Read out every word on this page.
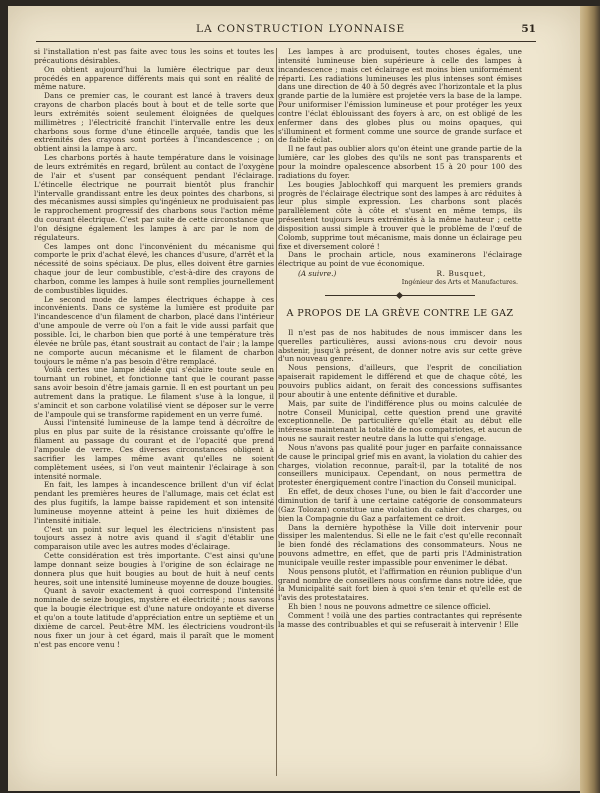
LA CONSTRUCTION LYONNAISE	51

si l'installation n'est pas faite avec tous les soins et toutes les précautions désirables.

On obtient aujourd'hui la lumière électrique par deux procédés en apparence différents mais qui sont en réalité de même nature.

Dans ce premier cas, le courant est lancé à travers deux crayons de charbon placés bout à bout et de telle sorte que leurs extrémités soient seulement éloignées de quelques millimètres ; l'électricité franchit l'intervalle entre les deux charbons sous forme d'une étincelle arquée, tandis que les extrémités des crayons sont portées à l'incandescence ; on obtient ainsi la lampe à arc.

Les charbons portés à haute température dans le voisinage de leurs extrémités en regard, brûlent au contact de l'oxygène de l'air et s'usent par conséquent pendant l'éclairage. L'étincelle électrique ne pourrait bientôt plus franchir l'intervalle grandissant entre les deux pointes des charbons, si des mécanismes aussi simples qu'ingénieux ne produisaient pas le rapprochement progressif des charbons sous l'action même du courant électrique. C'est par suite de cette circonstance que l'on désigne également les lampes à arc par le nom de régulateurs.

Ces lampes ont donc l'inconvénient du mécanisme qui comporte le prix d'achat élevé, les chances d'usure, d'arrêt et la nécessité de soins spéciaux. De plus, elles doivent être garnies chaque jour de leur combustible, c'est-à-dire des crayons de charbon, comme les lampes à huile sont remplies journellement de combustibles liquides.

Le second mode de lampes électriques échappe à ces inconvénients. Dans ce système la lumière est produite par l'incandescence d'un filament de charbon, placé dans l'intérieur d'une ampoule de verre où l'on a fait le vide aussi parfait que possible. Ici, le charbon bien que porté à une température très élevée ne brûle pas, étant soustrait au contact de l'air ; la lampe ne comporte aucun mécanisme et le filament de charbon toujours le même n'a pas besoin d'être remplacé.

Voilà certes une lampe idéale qui s'éclaire toute seule en tournant un robinet, et fonctionne tant que le courant passe sans avoir besoin d'être jamais garnie. Il en est pourtant un peu autrement dans la pratique. Le filament s'use à la longue, il s'amincit et son carbone volatilisé vient se déposer sur le verre de l'ampoule qui se transforme rapidement en un verre fumé.

Aussi l'intensité lumineuse de la lampe tend à décroître de plus en plus par suite de la résistance croissante qu'offre le filament au passage du courant et de l'opacité que prend l'ampoule de verre. Ces diverses circonstances obligent à sacrifier les lampes même avant qu'elles ne soient complètement usées, si l'on veut maintenir l'éclairage à son intensité normale.

En fait, les lampes à incandescence brillent d'un vif éclat pendant les premières heures de l'allumage, mais cet éclat est des plus fugitifs, la lampe baisse rapidement et son intensité lumineuse moyenne atteint à peine les huit dixièmes de l'intensité initiale.

C'est un point sur lequel les électriciens n'insistent pas toujours assez à notre avis quand il s'agit d'établir une comparaison utile avec les autres modes d'éclairage.

Cette considération est très importante. C'est ainsi qu'une lampe donnant seize bougies à l'origine de son éclairage ne donnera plus que huit bougies au bout de huit à neuf cents heures, soit une intensité lumineuse moyenne de douze bougies.

Quant à savoir exactement à quoi correspond l'intensité nominale de seize bougies, mystère et électricité ; nous savons que la bougie électrique est d'une nature ondoyante et diverse et qu'on a toute latitude d'appréciation entre un septième et un dixième de carcel. Peut-être MM. les électriciens voudront-ils nous fixer un jour à cet égard, mais il paraît que le moment n'est pas encore venu !

Les lampes à arc produisent, toutes choses égales, une intensité lumineuse bien supérieure à celle des lampes à incandescence ; mais cet éclairage est moins bien uniformément réparti. Les radiations lumineuses les plus intenses sont émises dans une direction de 40 à 50 degrés avec l'horizontale et la plus grande partie de la lumière est projetée vers la base de la lampe. Pour uniformiser l'émission lumineuse et pour protéger les yeux contre l'éclat éblouissant des foyers à arc, on est obligé de les enfermer dans des globes plus ou moins opaques, qui s'illuminent et forment comme une source de grande surface et de faible éclat.

Il ne faut pas oublier alors qu'on éteint une grande partie de la lumière, car les globes des qu'ils ne sont pas transparents et pour la moindre opalescence absorbent 15 à 20 pour 100 des radiations du foyer.

Les bougies Jablochkoff qui marquent les premiers grands progrès de l'éclairage électrique sont des lampes à arc réduites à leur plus simple expression. Les charbons sont placés parallèlement côte à côte et s'usent en même temps, ils présentent toujours leurs extrémités à la même hauteur ; cette disposition aussi simple à trouver que le problème de l'œuf de Colomb, supprime tout mécanisme, mais donne un éclairage peu fixe et diversement coloré !

Dans le prochain article, nous examinerons l'éclairage électrique au point de vue économique.

(A suivre.)	R. Busquet,
Ingénieur des Arts et Manufactures.
A PROPOS DE LA GRÈVE CONTRE LE GAZ

Il n'est pas de nos habitudes de nous immiscer dans les querelles particulières, aussi avions-nous cru devoir nous abstenir, jusqu'à présent, de donner notre avis sur cette grève d'un nouveau genre.

Nous pensions, d'ailleurs, que l'esprit de conciliation apaiserait rapidement le différend et que de chaque côté, les pouvoirs publics aidant, on ferait des concessions suffisantes pour aboutir à une entente définitive et durable.

Mais, par suite de l'indifférence plus ou moins calculée de notre Conseil Municipal, cette question prend une gravité exceptionnelle. De particulière qu'elle était au début elle intéresse maintenant la totalité de nos compatriotes, et aucun de nous ne saurait rester neutre dans la lutte qui s'engage.

Nous n'avons pas qualité pour juger en parfaite connaissance de cause le principal grief mis en avant, la violation du cahier des charges, violation reconnue, paraît-il, par la totalité de nos conseillers municipaux. Cependant, on nous permettra de protester énergiquement contre l'inaction du Conseil municipal.

En effet, de deux choses l'une, ou bien le fait d'accorder une diminution de tarif à une certaine catégorie de consommateurs (Gaz Tolozan) constitue une violation du cahier des charges, ou bien la Compagnie du Gaz a parfaitement ce droit.

Dans la dernière hypothèse la Ville doit intervenir pour dissiper les malentendus. Si elle ne le fait c'est qu'elle reconnaît le bien fondé des réclamations des consommateurs. Nous ne pouvons admettre, en effet, que de parti pris l'Administration municipale veuille rester impassible pour envenimer le débat.

Nous pensons plutôt, et l'affirmation en réunion publique d'un grand nombre de conseillers nous confirme dans notre idée, que la Municipalité sait fort bien à quoi s'en tenir et qu'elle est de l'avis des protestataires.

Eh bien ! nous ne pouvons admettre ce silence officiel.

Comment ! voilà une des parties contractantes qui représente la masse des contribuables et qui se refuserait à intervenir ! Elle
